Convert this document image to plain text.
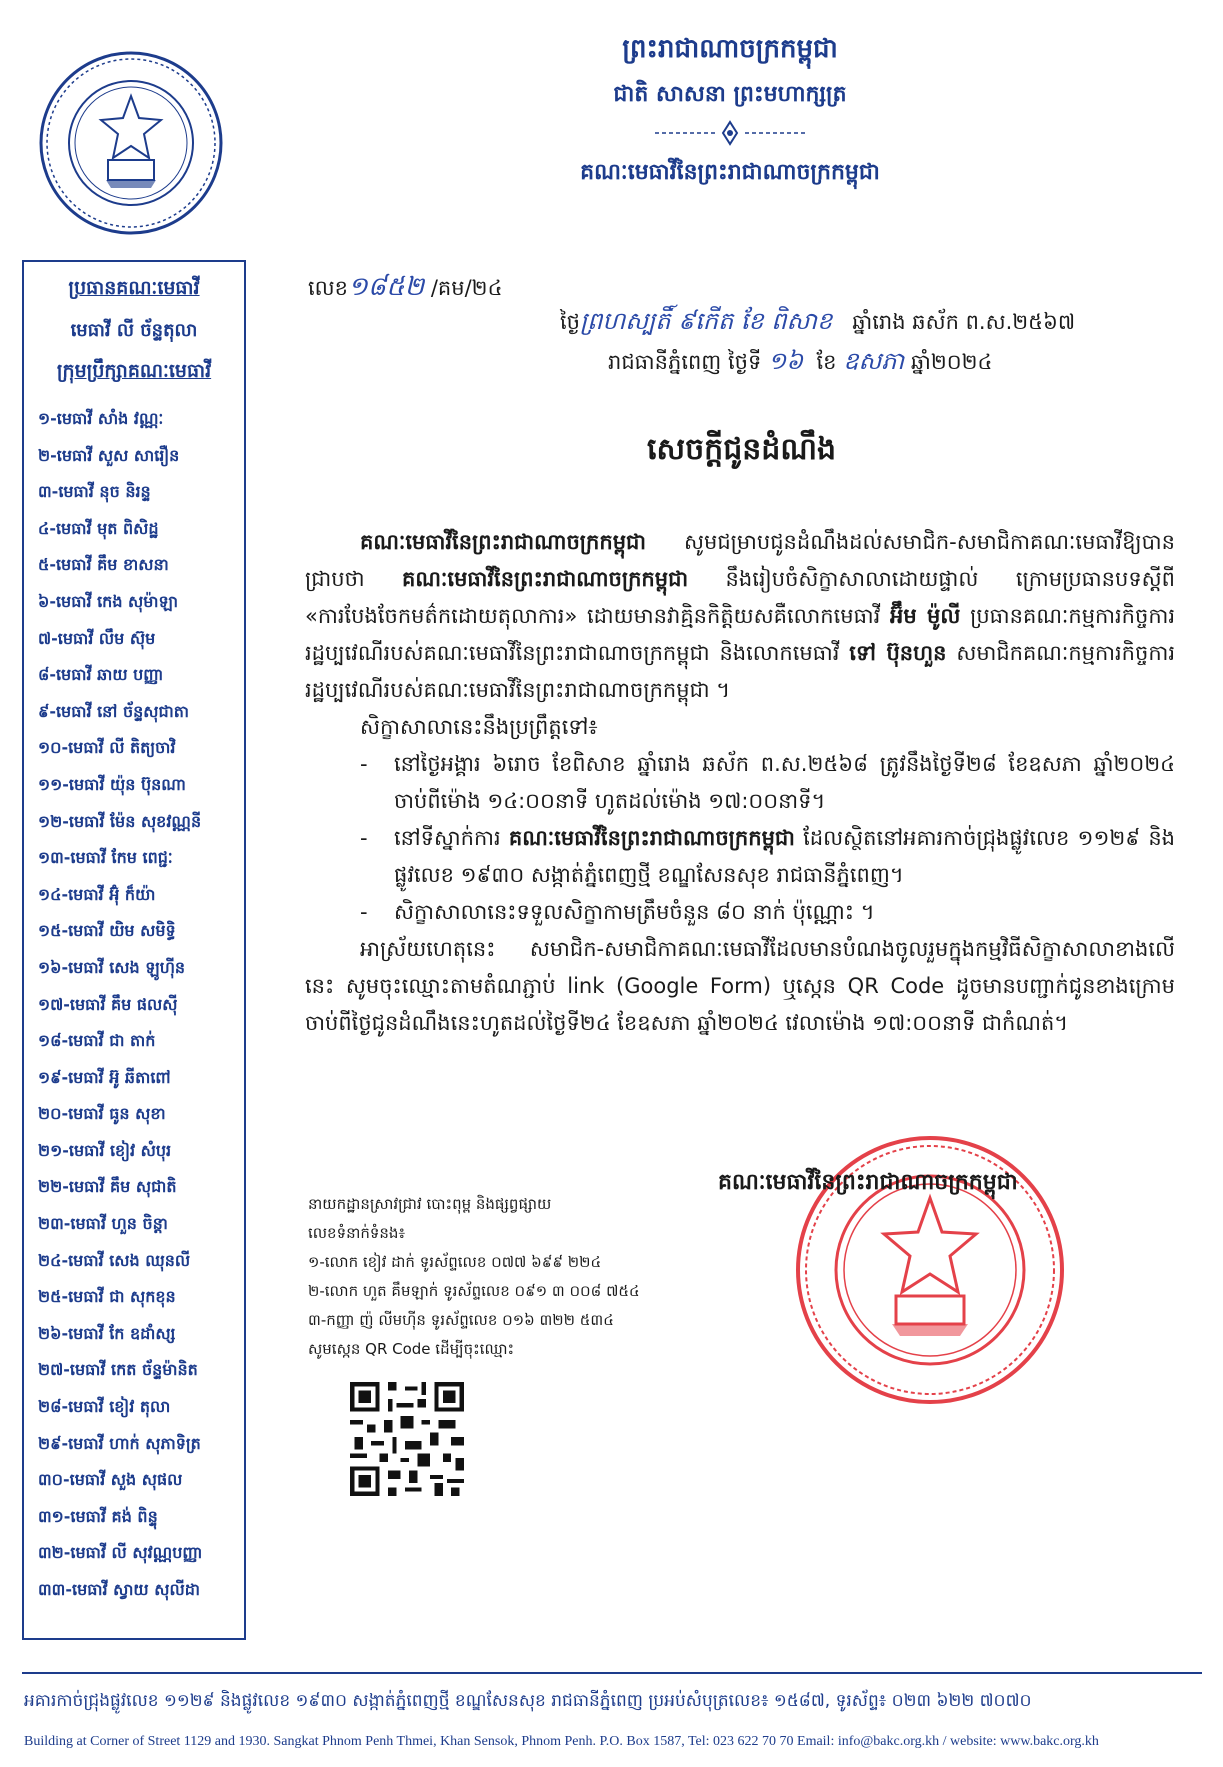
ព្រះរាជាណាចក្រកម្ពុជា
ជាតិ សាសនា ព្រះមហាក្សត្រ
គណៈមេធាវីនៃព្រះរាជាណាចក្រកម្ពុជា
ប្រធានគណៈមេធាវី
មេធាវី លី ច័ន្ទតុលា
ក្រុមប្រឹក្សាគណៈមេធាវី
១-មេធាវី សាំង វណ្ណៈ
២-មេធាវី សួស សារឿន
៣-មេធាវី នុច និរន្ទ
៤-មេធាវី មុត ពិសិដ្ឋ
៥-មេធាវី គឹម ខាសនា
៦-មេធាវី កេង សុម៉ាឡា
៧-មេធាវី លឹម ស៊ុម
៨-មេធាវី ឆាយ បញ្ញា
៩-មេធាវី នៅ ច័ន្ទសុជាតា
១០-មេធាវី លី តិត្យចាវិ
១១-មេធាវី យ៉ុន ប៊ុនណា
១២-មេធាវី ម៉ែន សុខវណ្ណនី
១៣-មេធាវី កែម ពេជ្ជៈ
១៤-មេធាវី អ៊ុំ ក៏យ៉ា
១៥-មេធាវី យិម សមិទ្ធិ
១៦-មេធាវី សេង ឡូហ៊ីន
១៧-មេធាវី គឹម ផលស៊ី
១៨-មេធាវី ជា តាក់
១៩-មេធាវី អ៊ូ ឆីតាពៅ
២០-មេធាវី ធូន សុខា
២១-មេធាវី ខៀវ សំបុរ
២២-មេធាវី គឹម សុជាតិ
២៣-មេធាវី ហួន ចិន្តា
២៤-មេធាវី សេង ឈុនលី
២៥-មេធាវី ជា សុកខុន
២៦-មេធាវី កែ ឧដាំស្ស
២៧-មេធាវី កេត ច័ន្ទម៉ានិត
២៨-មេធាវី ខៀវ តុលា
២៩-មេធាវី ហាក់ សុភាទិត្រ
៣០-មេធាវី សួង សុផល
៣១-មេធាវី គង់ ពិន្ទុ
៣២-មេធាវី លី សុវណ្ណបញ្ញា
៣៣-មេធាវី ស្វាយ សុលីដា
លេខ១៨៥២ /គម/២៤
ថ្ងៃព្រហស្បតិ៍ ៩កើត ខែ ពិសាខ ឆ្នាំរោង ឆស័ក ព.ស.២៥៦៧
រាជធានីភ្នំពេញ ថ្ងៃទី ១៦ ខែ ឧសភា ឆ្នាំ២០២៤
សេចក្តីជូនដំណឹង

គណៈមេធាវីនៃព្រះរាជាណាចក្រកម្ពុជា សូមជម្រាបជូនដំណឹងដល់សមាជិក-សមាជិកាគណៈមេធាវីឱ្យបានជ្រាបថា គណៈមេធាវីនៃព្រះរាជាណាចក្រកម្ពុជា នឹងរៀបចំសិក្ខាសាលាដោយផ្ទាល់ ក្រោមប្រធានបទស្តីពី «ការបែងចែកមត៌កដោយតុលាការ» ដោយមានវាគ្មិនកិត្តិយសគឺលោកមេធាវី អ៊ឹម ម៉ូលី ប្រធានគណៈកម្មការកិច្ចការរដ្ឋប្បវេណីរបស់គណៈមេធាវីនៃព្រះរាជាណាចក្រកម្ពុជា និងលោកមេធាវី ទៅ ប៊ុនហួន សមាជិកគណៈកម្មការកិច្ចការរដ្ឋប្បវេណីរបស់គណៈមេធាវីនៃព្រះរាជាណាចក្រកម្ពុជា ។

សិក្ខាសាលានេះនឹងប្រព្រឹត្តទៅ៖

- នៅថ្ងៃអង្គារ ៦រោច ខែពិសាខ ឆ្នាំរោង ឆស័ក ព.ស.២៥៦៨ ត្រូវនឹងថ្ងៃទី២៨ ខែឧសភា ឆ្នាំ២០២៤ ចាប់ពីម៉ោង ១៤:០០នាទី ហូតដល់ម៉ោង ១៧:០០នាទី។
- នៅទីស្នាក់ការ គណៈមេធាវីនៃព្រះរាជាណាចក្រកម្ពុជា ដែលស្ថិតនៅអគារកាច់ជ្រុងផ្លូវលេខ ១១២៩ និងផ្លូវលេខ ១៩៣០ សង្កាត់ភ្នំពេញថ្មី ខណ្ឌសែនសុខ រាជធានីភ្នំពេញ។
- សិក្ខាសាលានេះទទួលសិក្ខាកាមត្រឹមចំនួន ៨០ នាក់ ប៉ុណ្ណោះ ។

អាស្រ័យហេតុនេះ សមាជិក-សមាជិកាគណៈមេធាវីដែលមានបំណងចូលរួមក្នុងកម្មវិធីសិក្ខាសាលាខាងលើនេះ សូមចុះឈ្មោះតាមតំណភ្ជាប់ link (Google Form) ឬស្កេន QR Code ដូចមានបញ្ជាក់ជូនខាងក្រោម ចាប់ពីថ្ងៃជូនដំណឹងនេះហូតដល់ថ្ងៃទី២៤ ខែឧសភា ឆ្នាំ២០២៤ វេលាម៉ោង ១៧:០០នាទី ជាកំណត់។

នាយកដ្ឋានស្រាវជ្រាវ បោះពុម្ព និងផ្សព្វផ្សាយ
លេខទំនាក់ទំនង៖
១-លោក ខៀវ ដាក់ ទូរស័ព្ទលេខ ០៧៧ ៦៩៩ ២២៤
២-លោក ហួត គឹមឡាក់ ទូរស័ព្ទលេខ ០៩១ ៣ ០០៨ ៧៥៤
៣-កញ្ញា ញ៉ លីមហ៊ីន ទូរស័ព្ទលេខ ០១៦ ៣២២ ៥៣៤
សូមស្កេន QR Code ដើម្បីចុះឈ្មោះ
គណៈមេធាវីនៃព្រះរាជាណាចក្រកម្ពុជា
អគារកាច់ជ្រុងផ្លូវលេខ ១១២៩ និងផ្លូវលេខ ១៩៣០ សង្កាត់ភ្នំពេញថ្មី ខណ្ឌសែនសុខ រាជធានីភ្នំពេញ ប្រអប់សំបុត្រលេខ៖ ១៥៨៧, ទូរស័ព្ទ៖ ០២៣ ៦២២ ៧០៧០
Building at Corner of Street 1129 and 1930. Sangkat Phnom Penh Thmei, Khan Sensok, Phnom Penh. P.O. Box 1587, Tel: 023 622 70 70 Email: info@bakc.org.kh / website: www.bakc.org.kh
